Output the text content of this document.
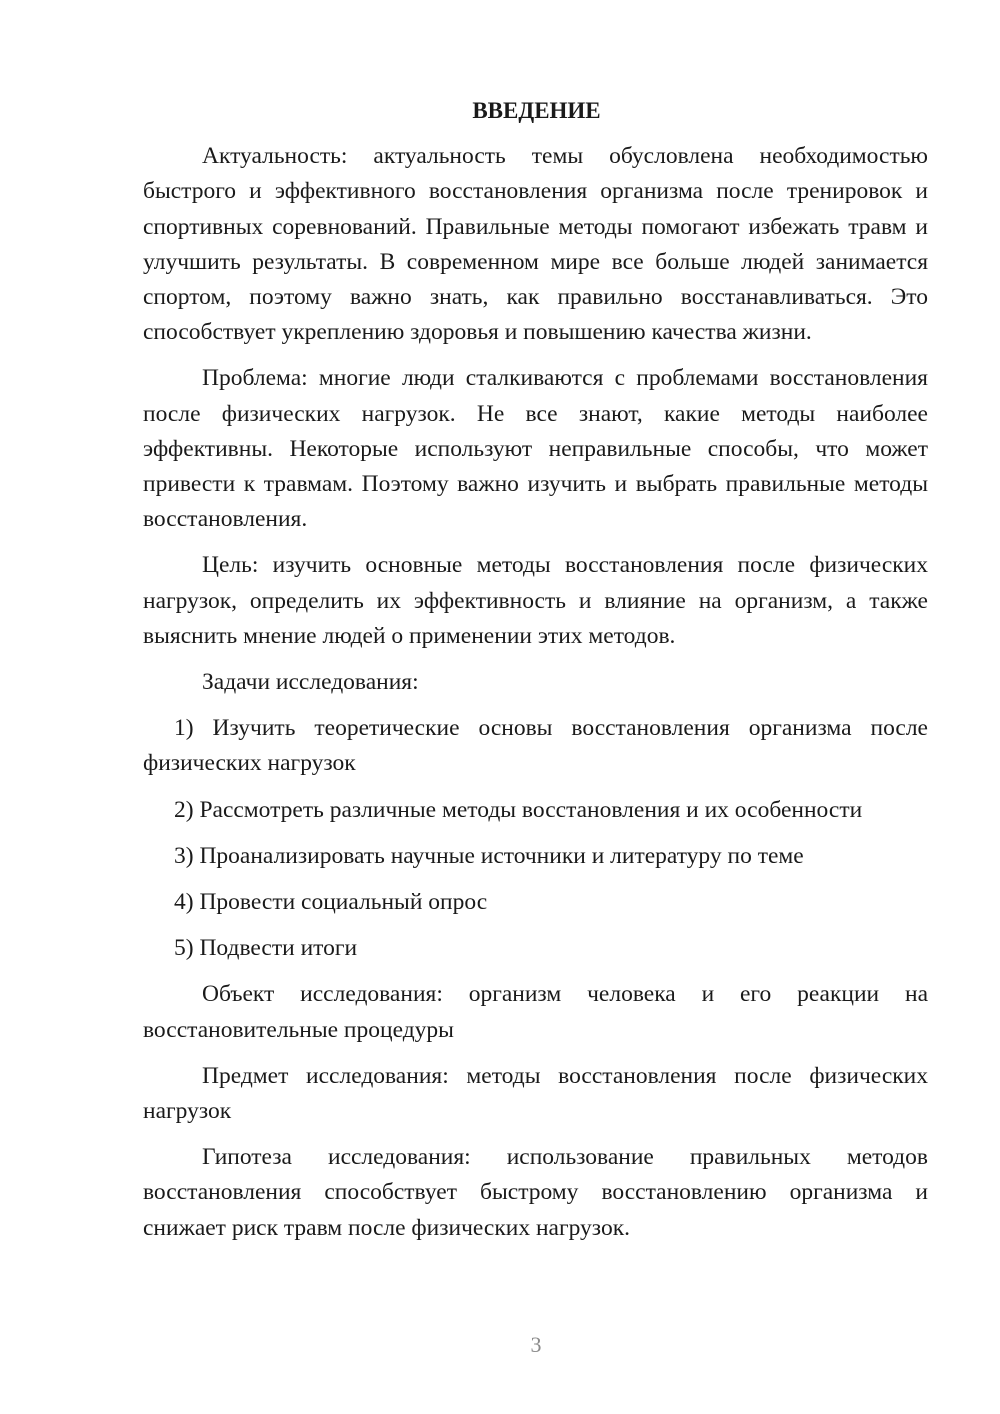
ВВЕДЕНИЕ

Актуальность: актуальность темы обусловлена необходимостью быстрого и эффективного восстановления организма после тренировок и спортивных соревнований. Правильные методы помогают избежать травм и улучшить результаты. В современном мире все больше людей занимается спортом, поэтому важно знать, как правильно восстанавливаться. Это способствует укреплению здоровья и повышению качества жизни.

Проблема: многие люди сталкиваются с проблемами восстановления после физических нагрузок. Не все знают, какие методы наиболее эффективны. Некоторые используют неправильные способы, что может привести к травмам. Поэтому важно изучить и выбрать правильные методы восстановления.

Цель: изучить основные методы восстановления после физических нагрузок, определить их эффективность и влияние на организм, а также выяснить мнение людей о применении этих методов.

Задачи исследования:

1) Изучить теоретические основы восстановления организма после физических нагрузок

2) Рассмотреть различные методы восстановления и их особенности

3) Проанализировать научные источники и литературу по теме

4) Провести социальный опрос

5) Подвести итоги

Объект исследования: организм человека и его реакции на восстановительные процедуры

Предмет исследования: методы восстановления после физических нагрузок

Гипотеза исследования: использование правильных методов восстановления способствует быстрому восстановлению организма и снижает риск травм после физических нагрузок.

3
